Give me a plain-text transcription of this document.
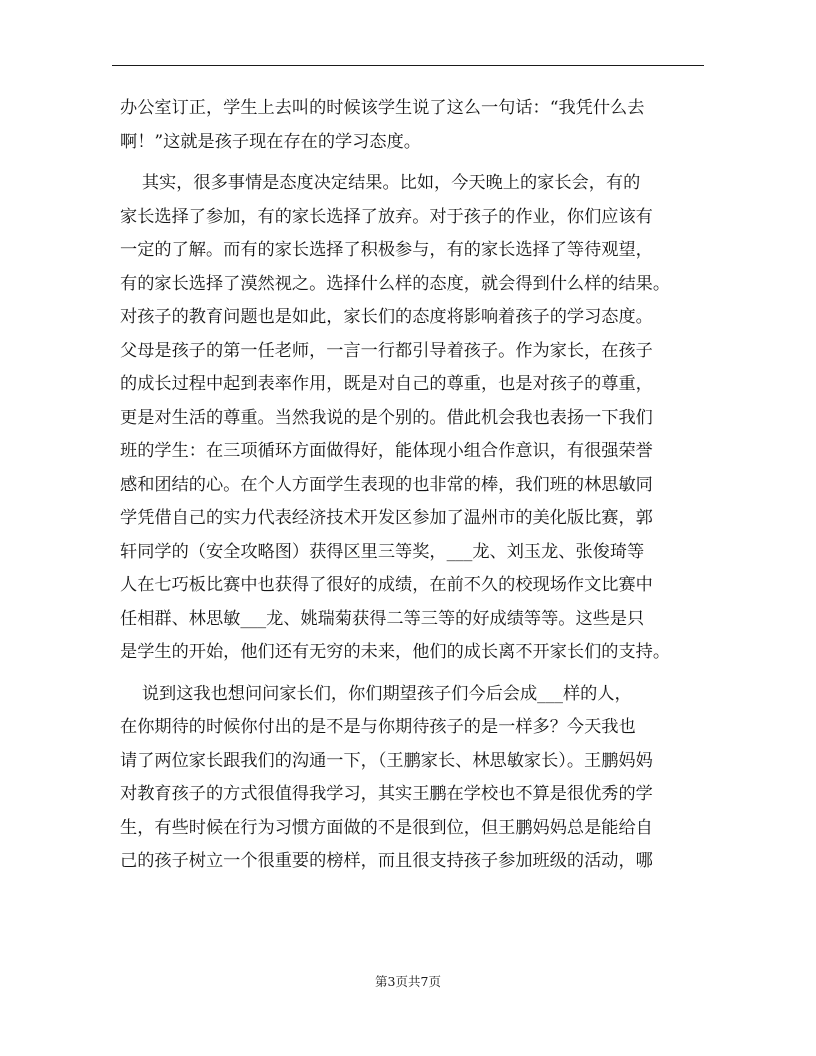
办公室订正，学生上去叫的时候该学生说了这么一句话：“我凭什么去
啊！”这就是孩子现在存在的学习态度。
其实，很多事情是态度决定结果。比如，今天晚上的家长会，有的
家长选择了参加，有的家长选择了放弃。对于孩子的作业，你们应该有
一定的了解。而有的家长选择了积极参与，有的家长选择了等待观望，
有的家长选择了漠然视之。选择什么样的态度，就会得到什么样的结果。
对孩子的教育问题也是如此，家长们的态度将影响着孩子的学习态度。
父母是孩子的第一任老师，一言一行都引导着孩子。作为家长，在孩子
的成长过程中起到表率作用，既是对自己的尊重，也是对孩子的尊重，
更是对生活的尊重。当然我说的是个别的。借此机会我也表扬一下我们
班的学生：在三项循环方面做得好，能体现小组合作意识，有很强荣誉
感和团结的心。在个人方面学生表现的也非常的棒，我们班的林思敏同
学凭借自己的实力代表经济技术开发区参加了温州市的美化版比赛，郭
轩同学的（安全攻略图）获得区里三等奖，___龙、刘玉龙、张俊琦等
人在七巧板比赛中也获得了很好的成绩，在前不久的校现场作文比赛中
任相群、林思敏___龙、姚瑞菊获得二等三等的好成绩等等。这些是只
是学生的开始，他们还有无穷的未来，他们的成长离不开家长们的支持。
说到这我也想问问家长们，你们期望孩子们今后会成___样的人，
在你期待的时候你付出的是不是与你期待孩子的是一样多？今天我也
请了两位家长跟我们的沟通一下，（王鹏家长、林思敏家长）。王鹏妈妈
对教育孩子的方式很值得我学习，其实王鹏在学校也不算是很优秀的学
生，有些时候在行为习惯方面做的不是很到位，但王鹏妈妈总是能给自
己的孩子树立一个很重要的榜样，而且很支持孩子参加班级的活动，哪
第3页共7页
